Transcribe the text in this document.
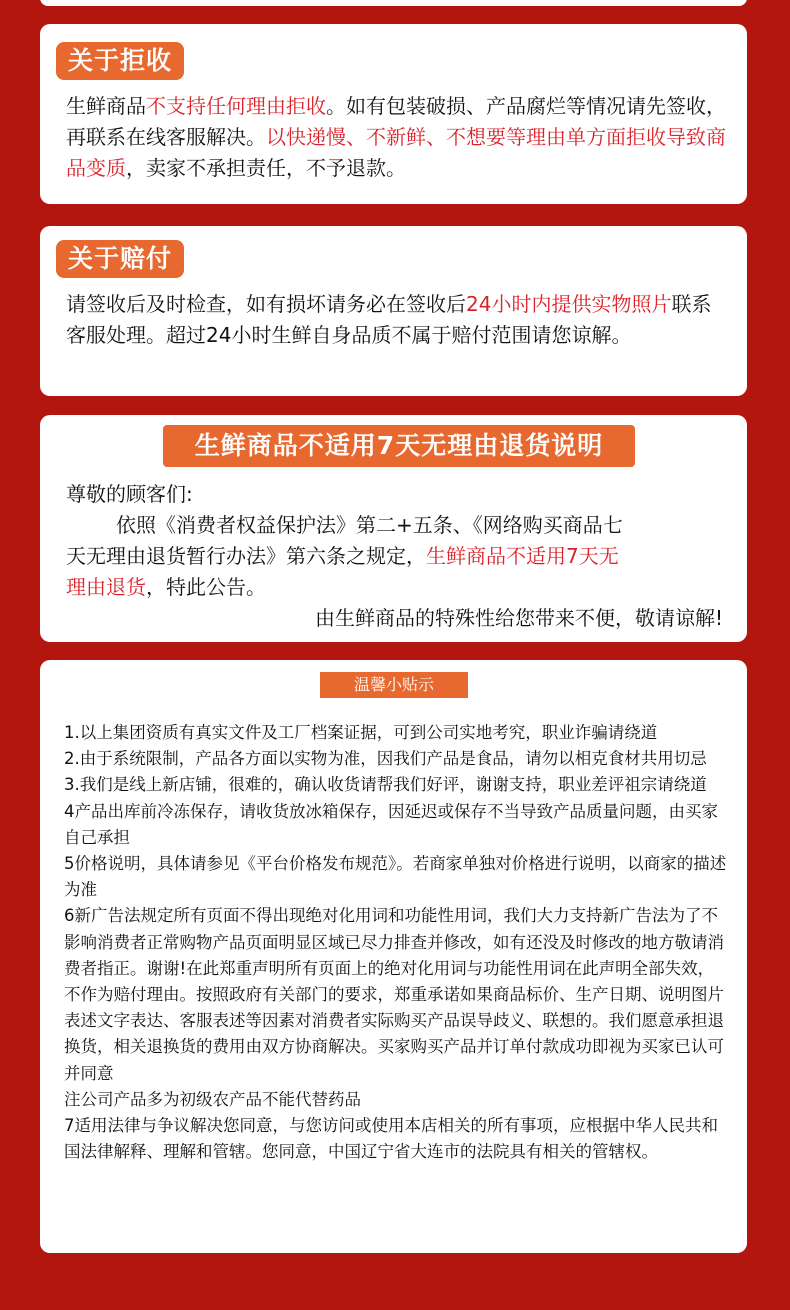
关于拒收

生鲜商品不支持任何理由拒收。如有包装破损、产品腐烂等情况请先签收，再联系在线客服解决。以快递慢、不新鲜、不想要等理由单方面拒收导致商品变质，卖家不承担责任，不予退款。

关于赔付

请签收后及时检查，如有损坏请务必在签收后24小时内提供实物照片联系客服处理。超过24小时生鲜自身品质不属于赔付范围请您谅解。

生鲜商品不适用7天无理由退货说明
尊敬的顾客们:
依照《消费者权益保护法》第二+五条、《网络购买商品七
天无理由退货暂行办法》第六条之规定，生鲜商品不适用7天无
理由退货，特此公告。
由生鲜商品的特殊性给您带来不便，敬请谅解!
温馨小贴示

1.以上集团资质有真实文件及工厂档案证据，可到公司实地考究，职业诈骗请绕道

2.由于系统限制，产品各方面以实物为准，因我们产品是食品，请勿以相克食材共用切忌

3.我们是线上新店铺，很难的，确认收货请帮我们好评，谢谢支持，职业差评祖宗请绕道

4产品出库前冷冻保存，请收货放冰箱保存，因延迟或保存不当导致产品质量问题，由买家自己承担

5价格说明，具体请参见《平台价格发布规范》。若商家单独对价格进行说明，以商家的描述为准

6新广告法规定所有页面不得出现绝对化用词和功能性用词，我们大力支持新广告法为了不影响消费者正常购物产品页面明显区域已尽力排查并修改，如有还没及时修改的地方敬请消费者指正。谢谢!在此郑重声明所有页面上的绝对化用词与功能性用词在此声明全部失效，不作为赔付理由。按照政府有关部门的要求，郑重承诺如果商品标价、生产日期、说明图片表述文字表达、客服表述等因素对消费者实际购买产品误导歧义、联想的。我们愿意承担退换货，相关退换货的费用由双方协商解决。买家购买产品并订单付款成功即视为买家已认可并同意

注公司产品多为初级农产品不能代替药品

7适用法律与争议解决您同意，与您访问或使用本店相关的所有事项，应根据中华人民共和国法律解释、理解和管辖。您同意，中国辽宁省大连市的法院具有相关的管辖权。
